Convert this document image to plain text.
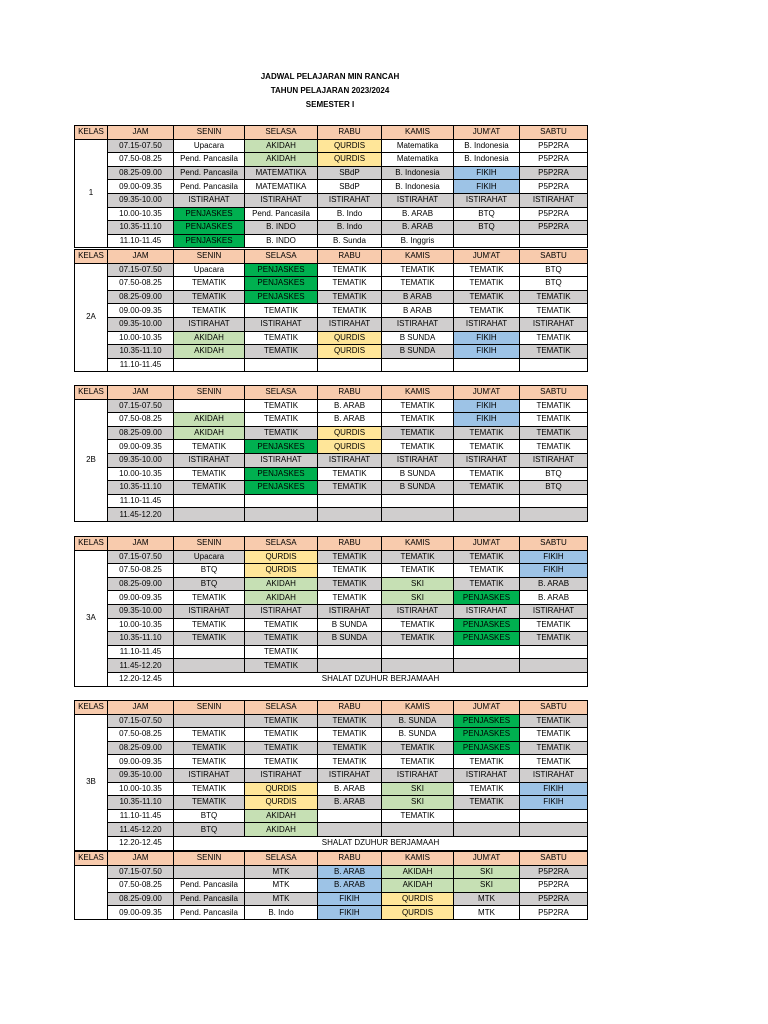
JADWAL PELAJARAN MIN RANCAH
TAHUN PELAJARAN 2023/2024
SEMESTER I
KELAS	JAM	SENIN	SELASA	RABU	KAMIS	JUM'AT	SABTU
1	07.15-07.50	Upacara	AKIDAH	QURDIS	Matematika	B. Indonesia	P5P2RA
	07.50-08.25	Pend. Pancasila	AKIDAH	QURDIS	Matematika	B. Indonesia	P5P2RA
	08.25-09.00	Pend. Pancasila	MATEMATIKA	SBdP	B. Indonesia	FIKIH	P5P2RA
	09.00-09.35	Pend. Pancasila	MATEMATIKA	SBdP	B. Indonesia	FIKIH	P5P2RA
	09.35-10.00	ISTIRAHAT	ISTIRAHAT	ISTIRAHAT	ISTIRAHAT	ISTIRAHAT	ISTIRAHAT
	10.00-10.35	PENJASKES	Pend. Pancasila	B. Indo	B. ARAB	BTQ	P5P2RA
	10.35-11.10	PENJASKES	B. INDO	B. Indo	B. ARAB	BTQ	P5P2RA
	11.10-11.45	PENJASKES	B. INDO	B. Sunda	B. Inggris		
KELAS	JAM	SENIN	SELASA	RABU	KAMIS	JUM'AT	SABTU
2A	07.15-07.50	Upacara	PENJASKES	TEMATIK	TEMATIK	TEMATIK	BTQ
	07.50-08.25	TEMATIK	PENJASKES	TEMATIK	TEMATIK	TEMATIK	BTQ
	08.25-09.00	TEMATIK	PENJASKES	TEMATIK	B ARAB	TEMATIK	TEMATIK
	09.00-09.35	TEMATIK	TEMATIK	TEMATIK	B ARAB	TEMATIK	TEMATIK
	09.35-10.00	ISTIRAHAT	ISTIRAHAT	ISTIRAHAT	ISTIRAHAT	ISTIRAHAT	ISTIRAHAT
	10.00-10.35	AKIDAH	TEMATIK	QURDIS	B SUNDA	FIKIH	TEMATIK
	10.35-11.10	AKIDAH	TEMATIK	QURDIS	B SUNDA	FIKIH	TEMATIK
	11.10-11.45						
KELAS	JAM	SENIN	SELASA	RABU	KAMIS	JUM'AT	SABTU
2B	07.15-07.50		TEMATIK	B. ARAB	TEMATIK	FIKIH	TEMATIK
	07.50-08.25	AKIDAH	TEMATIK	B. ARAB	TEMATIK	FIKIH	TEMATIK
	08.25-09.00	AKIDAH	TEMATIK	QURDIS	TEMATIK	TEMATIK	TEMATIK
	09.00-09.35	TEMATIK	PENJASKES	QURDIS	TEMATIK	TEMATIK	TEMATIK
	09.35-10.00	ISTIRAHAT	ISTIRAHAT	ISTIRAHAT	ISTIRAHAT	ISTIRAHAT	ISTIRAHAT
	10.00-10.35	TEMATIK	PENJASKES	TEMATIK	B SUNDA	TEMATIK	BTQ
	10.35-11.10	TEMATIK	PENJASKES	TEMATIK	B SUNDA	TEMATIK	BTQ
	11.10-11.45						
	11.45-12.20						
KELAS	JAM	SENIN	SELASA	RABU	KAMIS	JUM'AT	SABTU
3A	07.15-07.50	Upacara	QURDIS	TEMATIK	TEMATIK	TEMATIK	FIKIH
	07.50-08.25	BTQ	QURDIS	TEMATIK	TEMATIK	TEMATIK	FIKIH
	08.25-09.00	BTQ	AKIDAH	TEMATIK	SKI	TEMATIK	B. ARAB
	09.00-09.35	TEMATIK	AKIDAH	TEMATIK	SKI	PENJASKES	B. ARAB
	09.35-10.00	ISTIRAHAT	ISTIRAHAT	ISTIRAHAT	ISTIRAHAT	ISTIRAHAT	ISTIRAHAT
	10.00-10.35	TEMATIK	TEMATIK	B SUNDA	TEMATIK	PENJASKES	TEMATIK
	10.35-11.10	TEMATIK	TEMATIK	B SUNDA	TEMATIK	PENJASKES	TEMATIK
	11.10-11.45		TEMATIK				
	11.45-12.20		TEMATIK				
	12.20-12.45	SHALAT DZUHUR BERJAMAAH					
KELAS	JAM	SENIN	SELASA	RABU	KAMIS	JUM'AT	SABTU
3B	07.15-07.50		TEMATIK	TEMATIK	B. SUNDA	PENJASKES	TEMATIK
	07.50-08.25	TEMATIK	TEMATIK	TEMATIK	B. SUNDA	PENJASKES	TEMATIK
	08.25-09.00	TEMATIK	TEMATIK	TEMATIK	TEMATIK	PENJASKES	TEMATIK
	09.00-09.35	TEMATIK	TEMATIK	TEMATIK	TEMATIK	TEMATIK	TEMATIK
	09.35-10.00	ISTIRAHAT	ISTIRAHAT	ISTIRAHAT	ISTIRAHAT	ISTIRAHAT	ISTIRAHAT
	10.00-10.35	TEMATIK	QURDIS	B. ARAB	SKI	TEMATIK	FIKIH
	10.35-11.10	TEMATIK	QURDIS	B. ARAB	SKI	TEMATIK	FIKIH
	11.10-11.45	BTQ	AKIDAH		TEMATIK		
	11.45-12.20	BTQ	AKIDAH				
	12.20-12.45	SHALAT DZUHUR BERJAMAAH					
KELAS	JAM	SENIN	SELASA	RABU	KAMIS	JUM'AT	SABTU
	07.15-07.50		MTK	B. ARAB	AKIDAH	SKI	P5P2RA
	07.50-08.25	Pend. Pancasila	MTK	B. ARAB	AKIDAH	SKI	P5P2RA
	08.25-09.00	Pend. Pancasila	MTK	FIKIH	QURDIS	MTK	P5P2RA
	09.00-09.35	Pend. Pancasila	B. Indo	FIKIH	QURDIS	MTK	P5P2RA
